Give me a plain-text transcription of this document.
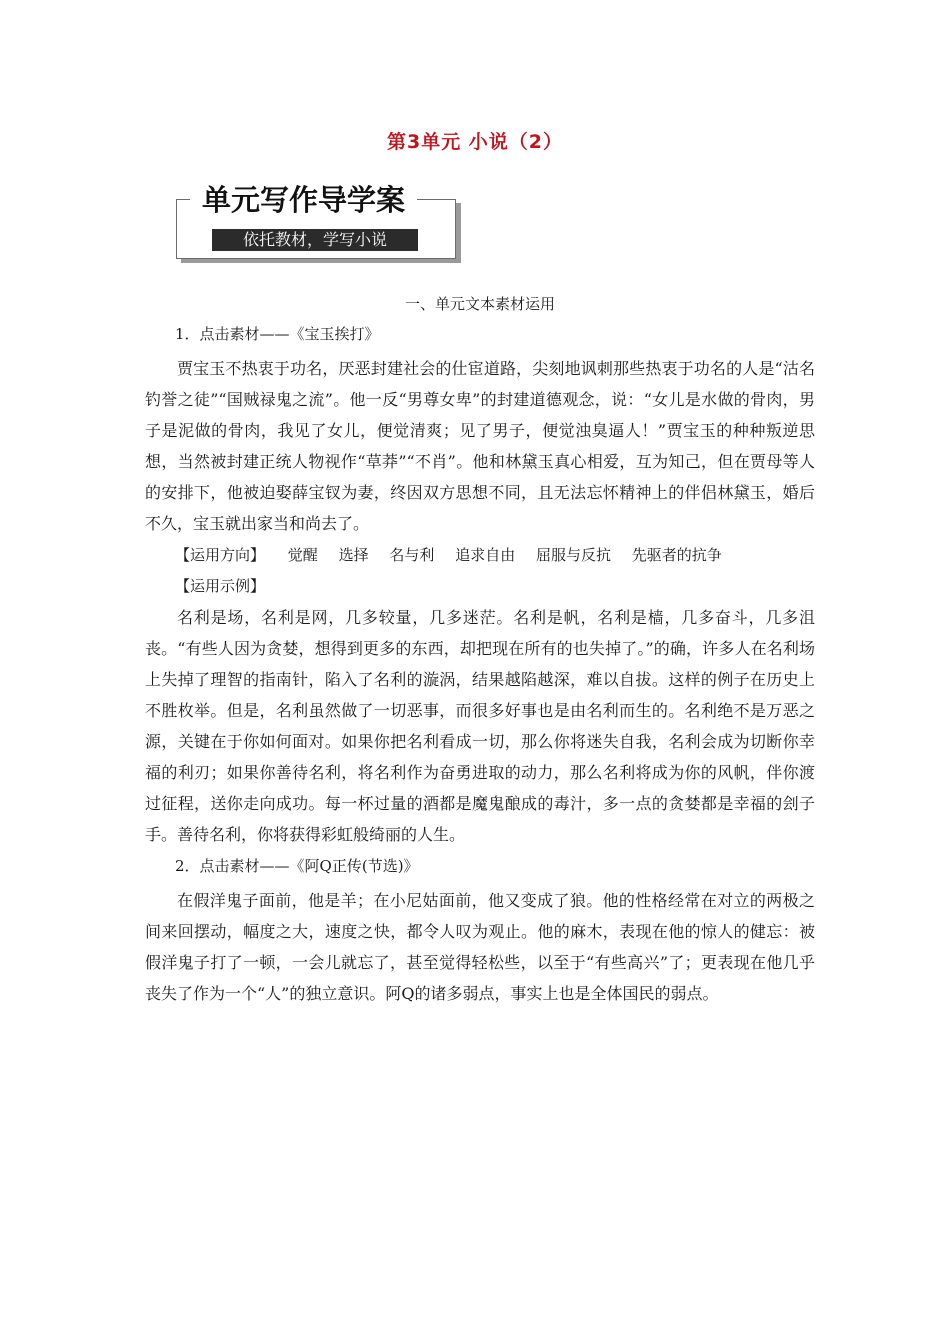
第3单元 小说（2）
单元写作导学案
依托教材，学写小说
一、单元文本素材运用
1．点击素材——《宝玉挨打》

贾宝玉不热衷于功名，厌恶封建社会的仕宦道路，尖刻地讽刺那些热衷于功名的人是“沽名钓誉之徒”“国贼禄鬼之流”。他一反“男尊女卑”的封建道德观念，说：“女儿是水做的骨肉，男子是泥做的骨肉，我见了女儿，便觉清爽；见了男子，便觉浊臭逼人！”贾宝玉的种种叛逆思想，当然被封建正统人物视作“草莽”“不肖”。他和林黛玉真心相爱，互为知己，但在贾母等人的安排下，他被迫娶薛宝钗为妻，终因双方思想不同，且无法忘怀精神上的伴侣林黛玉，婚后不久，宝玉就出家当和尚去了。

【运用方向】 觉醒 选择 名与利 追求自由 屈服与反抗 先驱者的抗争
【运用示例】

名利是场，名利是网，几多较量，几多迷茫。名利是帆，名利是樯，几多奋斗，几多沮丧。“有些人因为贪婪，想得到更多的东西，却把现在所有的也失掉了。”的确，许多人在名利场上失掉了理智的指南针，陷入了名利的漩涡，结果越陷越深，难以自拔。这样的例子在历史上不胜枚举。但是，名利虽然做了一切恶事，而很多好事也是由名利而生的。名利绝不是万恶之源，关键在于你如何面对。如果你把名利看成一切，那么你将迷失自我，名利会成为切断你幸福的利刃；如果你善待名利，将名利作为奋勇进取的动力，那么名利将成为你的风帆，伴你渡过征程，送你走向成功。每一杯过量的酒都是魔鬼酿成的毒汁，多一点的贪婪都是幸福的刽子手。善待名利，你将获得彩虹般绮丽的人生。

2．点击素材——《阿Q正传(节选)》

在假洋鬼子面前，他是羊；在小尼姑面前，他又变成了狼。他的性格经常在对立的两极之间来回摆动，幅度之大，速度之快，都令人叹为观止。他的麻木，表现在他的惊人的健忘：被假洋鬼子打了一顿，一会儿就忘了，甚至觉得轻松些，以至于“有些高兴”了；更表现在他几乎丧失了作为一个“人”的独立意识。阿Q的诸多弱点，事实上也是全体国民的弱点。
